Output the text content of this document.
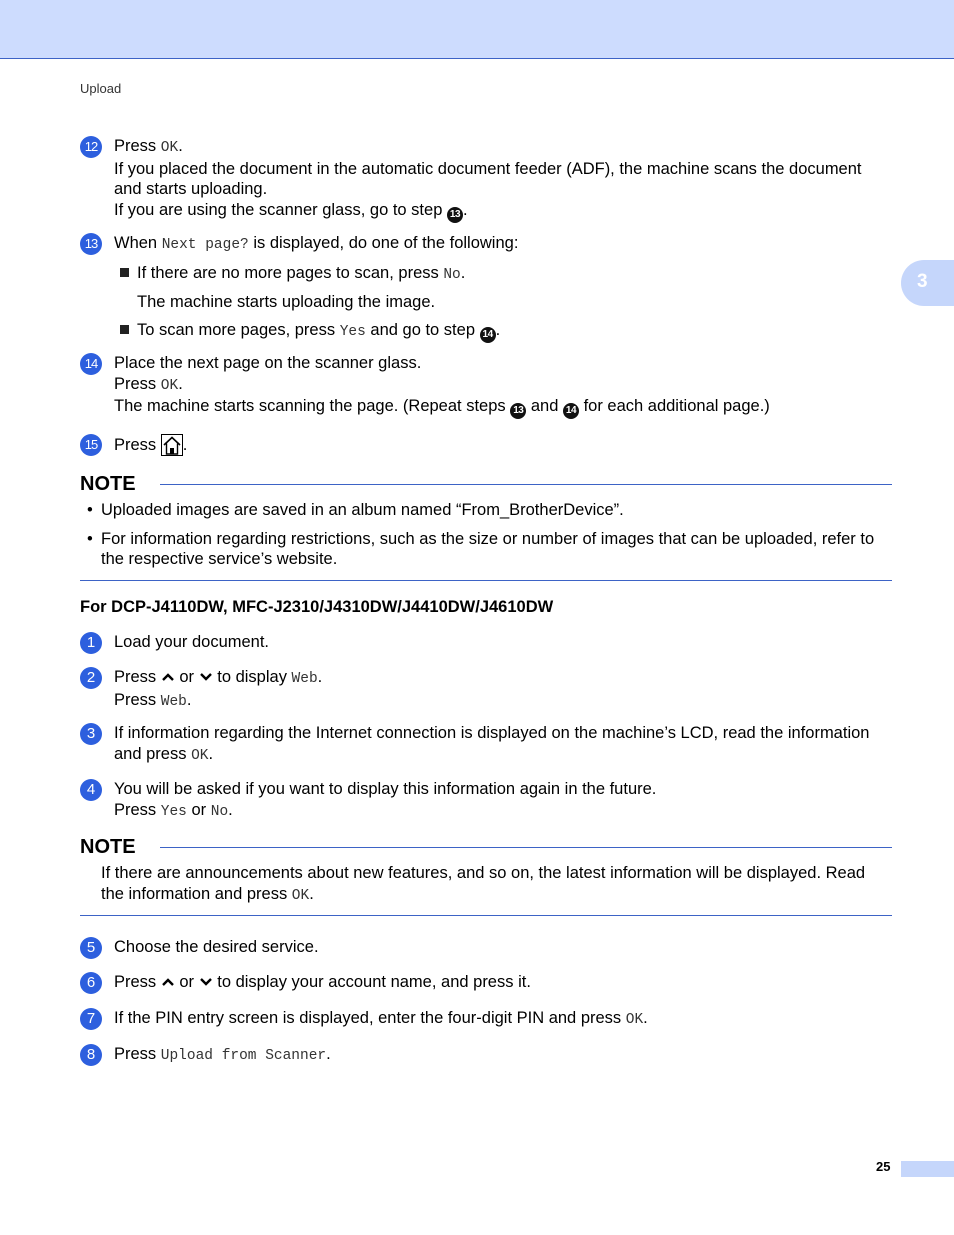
Upload
3
12 Press OK.
If you placed the document in the automatic document feeder (ADF), the machine scans the document and starts uploading.
If you are using the scanner glass, go to step 13 .
13 When Next page? is displayed, do one of the following:
If there are no more pages to scan, press No.
The machine starts uploading the image.
To scan more pages, press Yes and go to step 14 .
14 Place the next page on the scanner glass.
Press OK.
The machine starts scanning the page. (Repeat steps 13 and 14 for each additional page.)
15 Press .
NOTE
• Uploaded images are saved in an album named “From_BrotherDevice”.
• For information regarding restrictions, such as the size or number of images that can be uploaded, refer to the respective service’s website.
For DCP-J4110DW, MFC-J2310/J4310DW/J4410DW/J4610DW
1	Load your document.
2	Press or to display Web.
Press Web.
3	If information regarding the Internet connection is displayed on the machine’s LCD, read the information and press OK.
4	You will be asked if you want to display this information again in the future.
Press Yes or No.
NOTE
If there are announcements about new features, and so on, the latest information will be displayed. Read the information and press OK.
5	Choose the desired service.
6	Press or to display your account name, and press it.
7	If the PIN entry screen is displayed, enter the four-digit PIN and press OK.
8	Press Upload from Scanner.
25
